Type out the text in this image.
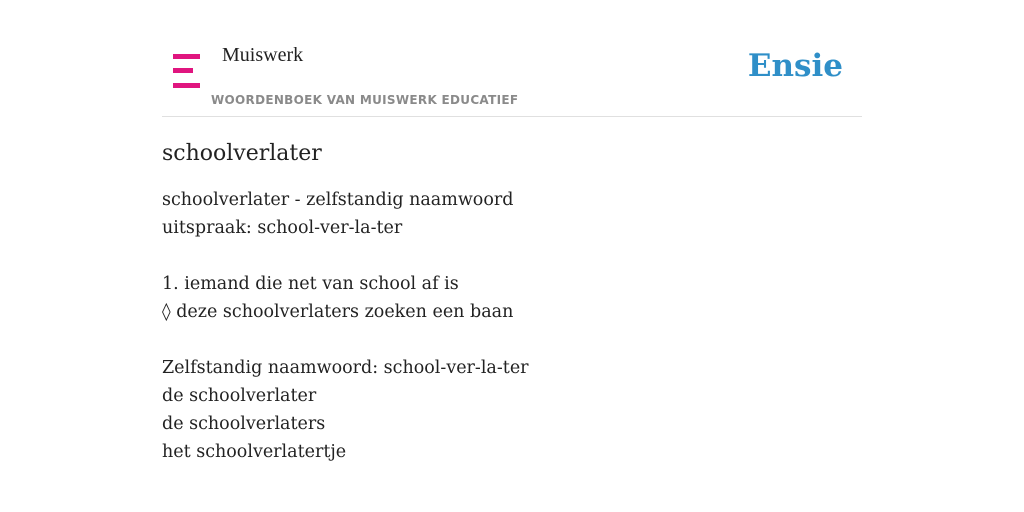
Muiswerk
WOORDENBOEK VAN MUISWERK EDUCATIEF
Ensie
schoolverlater
schoolverlater - zelfstandig naamwoord
uitspraak: school-ver-la-ter
1. iemand die net van school af is
◊ deze schoolverlaters zoeken een baan
Zelfstandig naamwoord: school-ver-la-ter
de schoolverlater
de schoolverlaters
het schoolverlatertje
